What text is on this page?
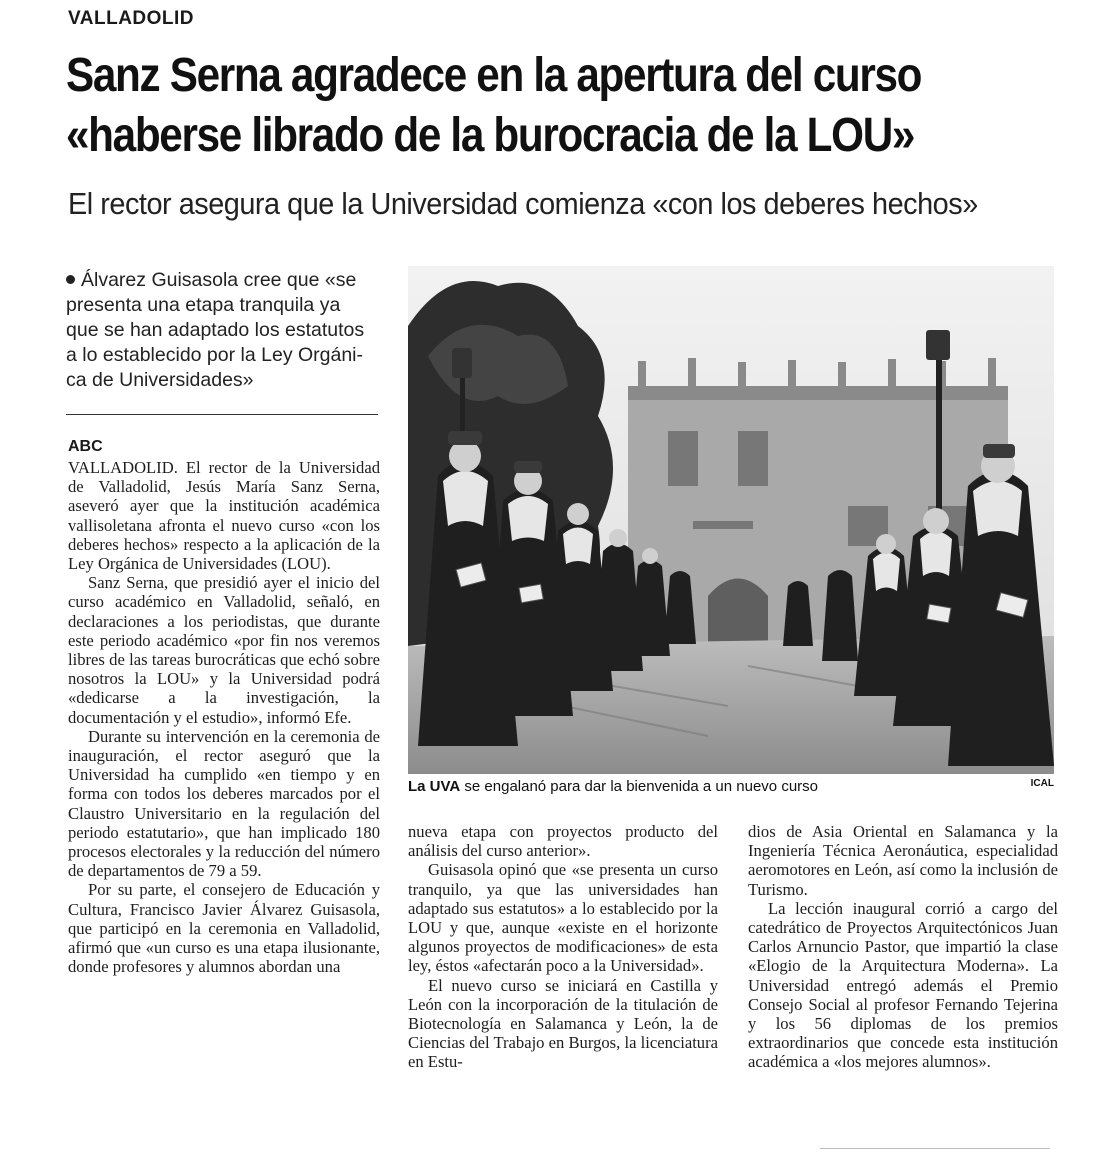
VALLADOLID
Sanz Serna agradece en la apertura del curso
«haberse librado de la burocracia de la LOU»
El rector asegura que la Universidad comienza «con los deberes hechos»
Álvarez Guisasola cree que «se presenta una etapa tranquila ya que se han adaptado los estatutos a lo establecido por la Ley Orgáni-ca de Universidades»
ABC

VALLADOLID. El rector de la Universidad de Valladolid, Jesús María Sanz Serna, aseveró ayer que la institución académica vallisoletana afronta el nuevo curso «con los deberes hechos» respecto a la aplicación de la Ley Orgánica de Universidades (LOU).

Sanz Serna, que presidió ayer el inicio del curso académico en Valladolid, señaló, en declaraciones a los periodistas, que durante este periodo académico «por fin nos veremos libres de las tareas burocráticas que echó sobre nosotros la LOU» y la Universidad podrá «dedicarse a la investigación, la documentación y el estudio», informó Efe.

Durante su intervención en la ceremonia de inauguración, el rector aseguró que la Universidad ha cumplido «en tiempo y en forma con todos los deberes marcados por el Claustro Universitario en la regulación del periodo estatutario», que han implicado 180 procesos electorales y la reducción del número de departamentos de 79 a 59.

Por su parte, el consejero de Educación y Cultura, Francisco Javier Álvarez Guisasola, que participó en la ceremonia en Valladolid, afirmó que «un curso es una etapa ilusionante, donde profesores y alumnos abordan una

La UVA se engalanó para dar la bienvenida a un nuevo curso	ICAL

nueva etapa con proyectos producto del análisis del curso anterior».

Guisasola opinó que «se presenta un curso tranquilo, ya que las universidades han adaptado sus estatutos» a lo establecido por la LOU y que, aunque «existe en el horizonte algunos proyectos de modificaciones» de esta ley, éstos «afectarán poco a la Universidad».

El nuevo curso se iniciará en Castilla y León con la incorporación de la titulación de Biotecnología en Salamanca y León, la de Ciencias del Trabajo en Burgos, la licenciatura en Estu-

dios de Asia Oriental en Salamanca y la Ingeniería Técnica Aeronáutica, especialidad aeromotores en León, así como la inclusión de Turismo.

La lección inaugural corrió a cargo del catedrático de Proyectos Arquitectónicos Juan Carlos Arnuncio Pastor, que impartió la clase «Elogio de la Arquitectura Moderna». La Universidad entregó además el Premio Consejo Social al profesor Fernando Tejerina y los 56 diplomas de los premios extraordinarios que concede esta institución académica a «los mejores alumnos».
